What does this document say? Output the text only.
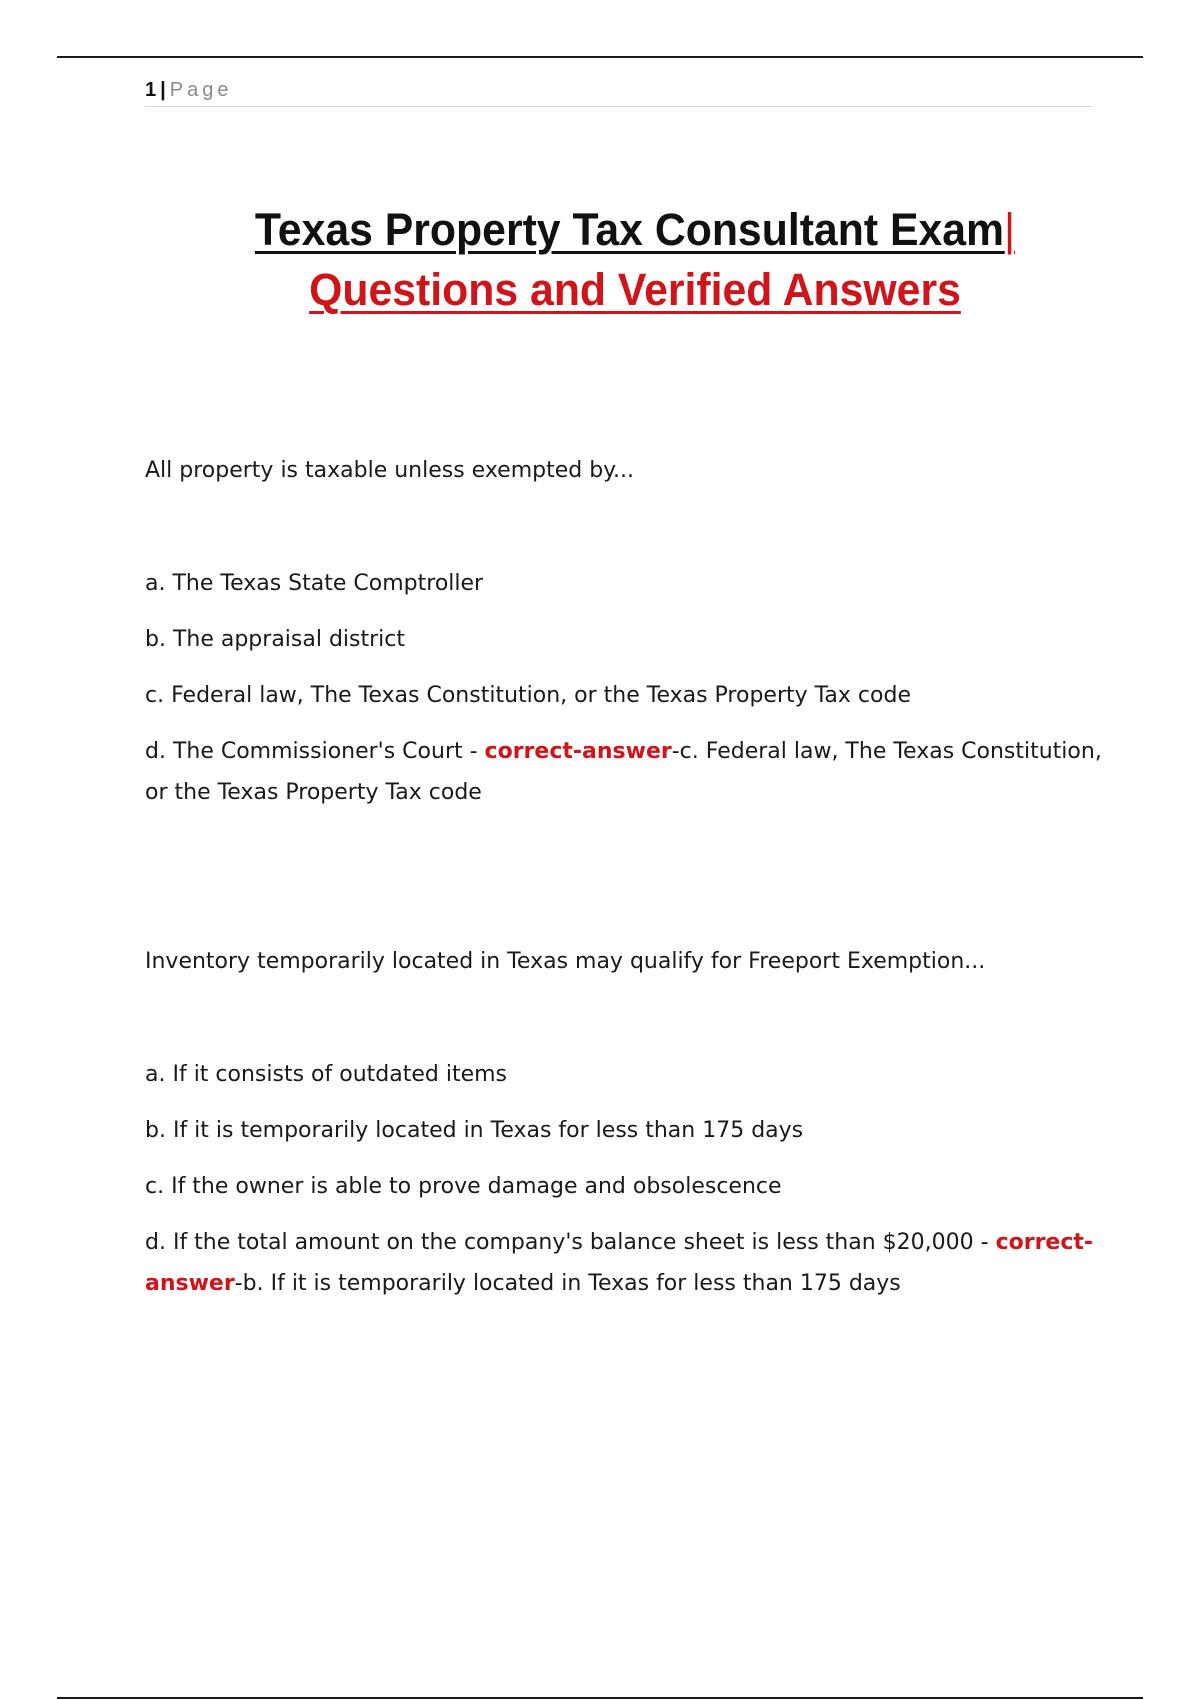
1 | Page
Texas Property Tax Consultant Exam|
Questions and Verified Answers

All property is taxable unless exempted by...

a. The Texas State Comptroller

b. The appraisal district

c. Federal law, The Texas Constitution, or the Texas Property Tax code

d. The Commissioner's Court - correct-answer-c. Federal law, The Texas Constitution, or the Texas Property Tax code

Inventory temporarily located in Texas may qualify for Freeport Exemption...

a. If it consists of outdated items

b. If it is temporarily located in Texas for less than 175 days

c. If the owner is able to prove damage and obsolescence

d. If the total amount on the company's balance sheet is less than $20,000 - correct-answer-b. If it is temporarily located in Texas for less than 175 days
